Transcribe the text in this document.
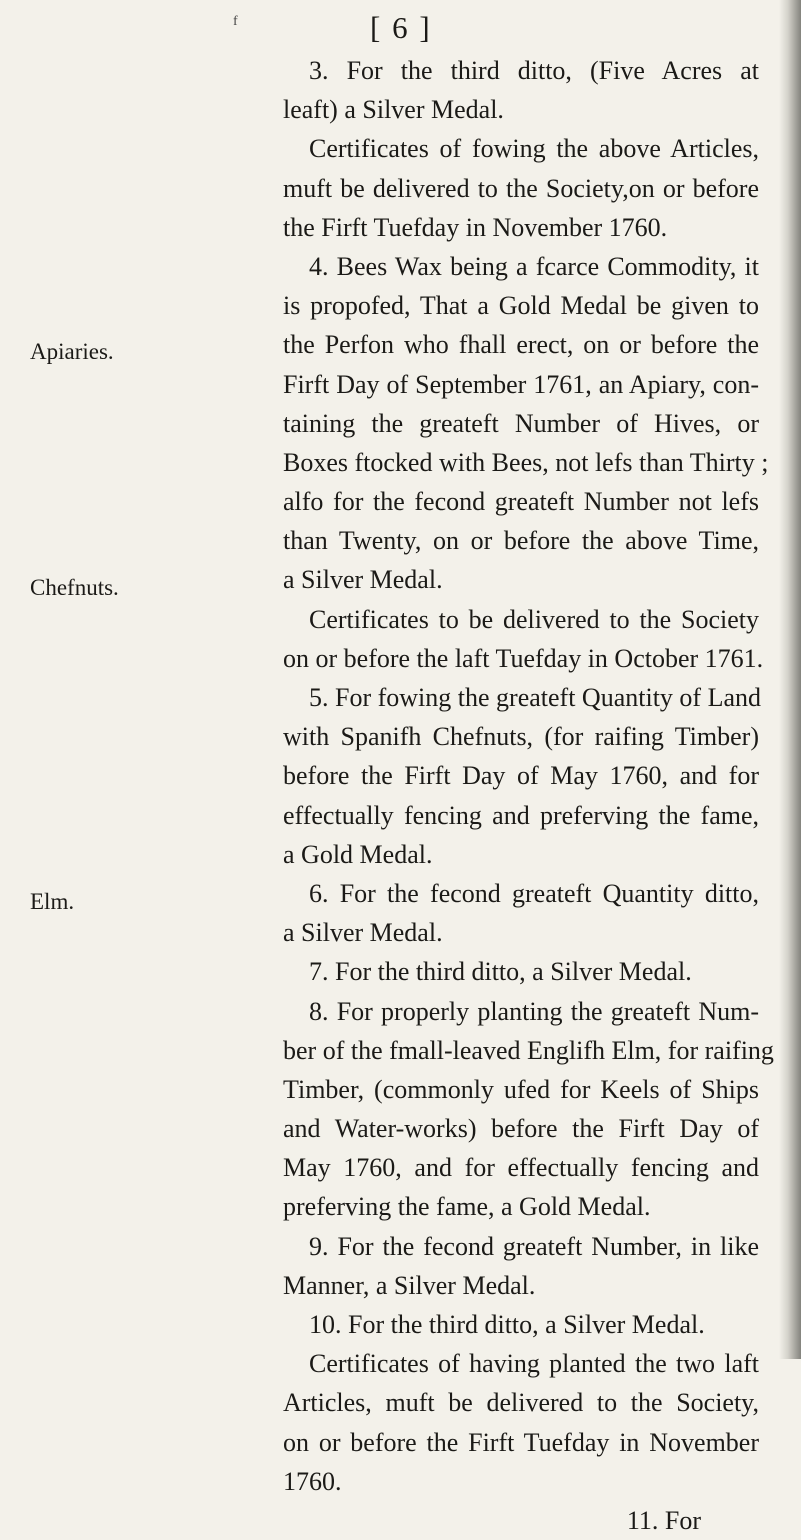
f	[ 6 ]
Apiaries.
Chefnuts.
Elm.
3. For the third ditto, (Five Acres at
leaft) a Silver Medal.
Certificates of fowing the above Articles,
muft be delivered to the Society,on or before
the Firft Tuefday in November 1760.
4. Bees Wax being a fcarce Commodity, it
is propofed, That a Gold Medal be given to
the Perfon who fhall erect, on or before the
Firft Day of September 1761, an Apiary, con-
taining the greateft Number of Hives, or
Boxes ftocked with Bees, not lefs than Thirty ;
alfo for the fecond greateft Number not lefs
than Twenty, on or before the above Time,
a Silver Medal.
Certificates to be delivered to the Society
on or before the laft Tuefday in October 1761.
5. For fowing the greateft Quantity of Land
with Spanifh Chefnuts, (for raifing Timber)
before the Firft Day of May 1760, and for
effectually fencing and preferving the fame,
a Gold Medal.
6. For the fecond greateft Quantity ditto,
a Silver Medal.
7. For the third ditto, a Silver Medal.
8. For properly planting the greateft Num-
ber of the fmall-leaved Englifh Elm, for raifing
Timber, (commonly ufed for Keels of Ships
and Water-works) before the Firft Day of
May 1760, and for effectually fencing and
preferving the fame, a Gold Medal.
9. For the fecond greateft Number, in like
Manner, a Silver Medal.
10. For the third ditto, a Silver Medal.
Certificates of having planted the two laft
Articles, muft be delivered to the Society,
on or before the Firft Tuefday in November
1760.
11. For
